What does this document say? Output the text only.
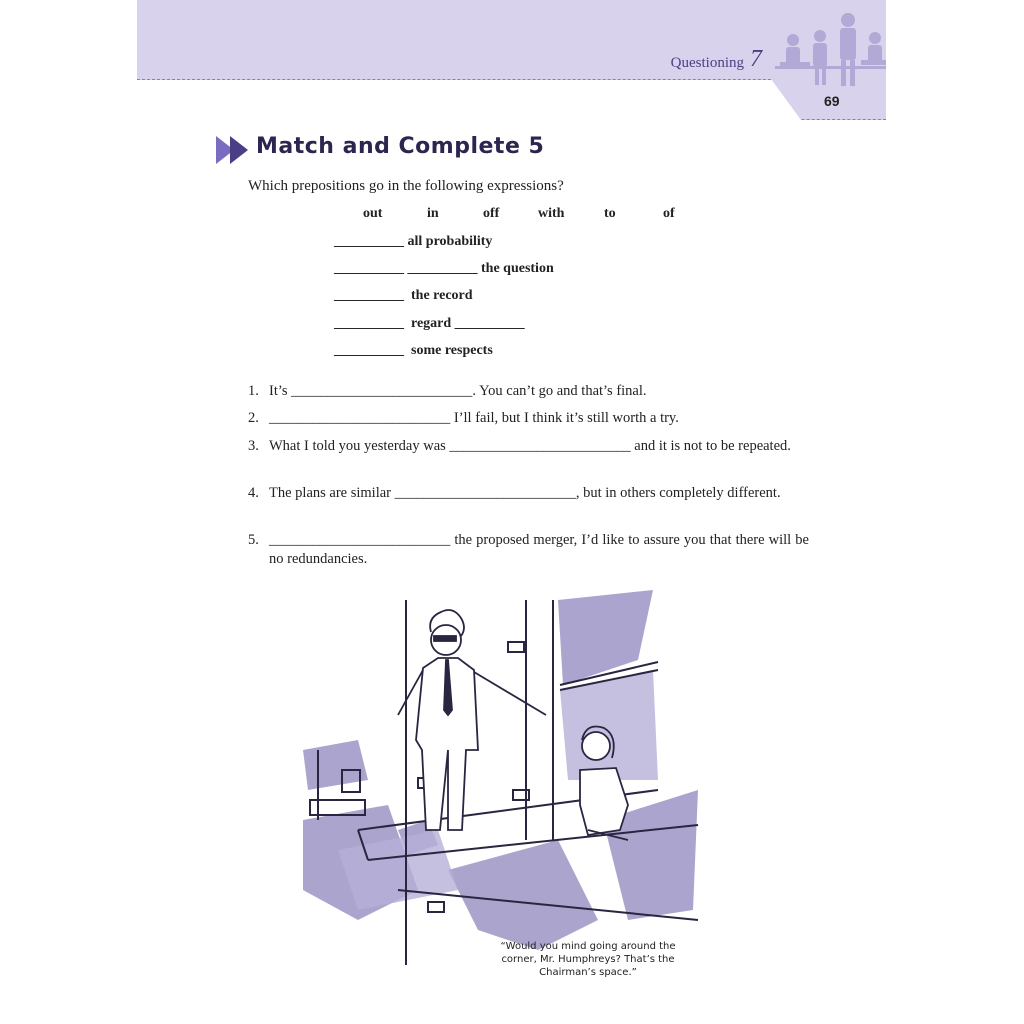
Questioning 7
69
Match and Complete 5
Which prepositions go in the following expressions?
out	in	off	with	to	of
__________ all probability
__________ __________ the question
__________  the record
__________  regard __________
__________  some respects
1. It’s _________________________. You can’t go and that’s final.
2. _________________________ I’ll fail, but I think it’s still worth a try.
3. What I told you yesterday was _________________________ and it is not to be repeated.
4. The plans are similar _________________________, but in others completely different.
5. _________________________ the proposed merger, I’d like to assure you that there will be no redundancies.
“Would you mind going around the corner, Mr. Humphreys? That’s the Chairman’s space.”
